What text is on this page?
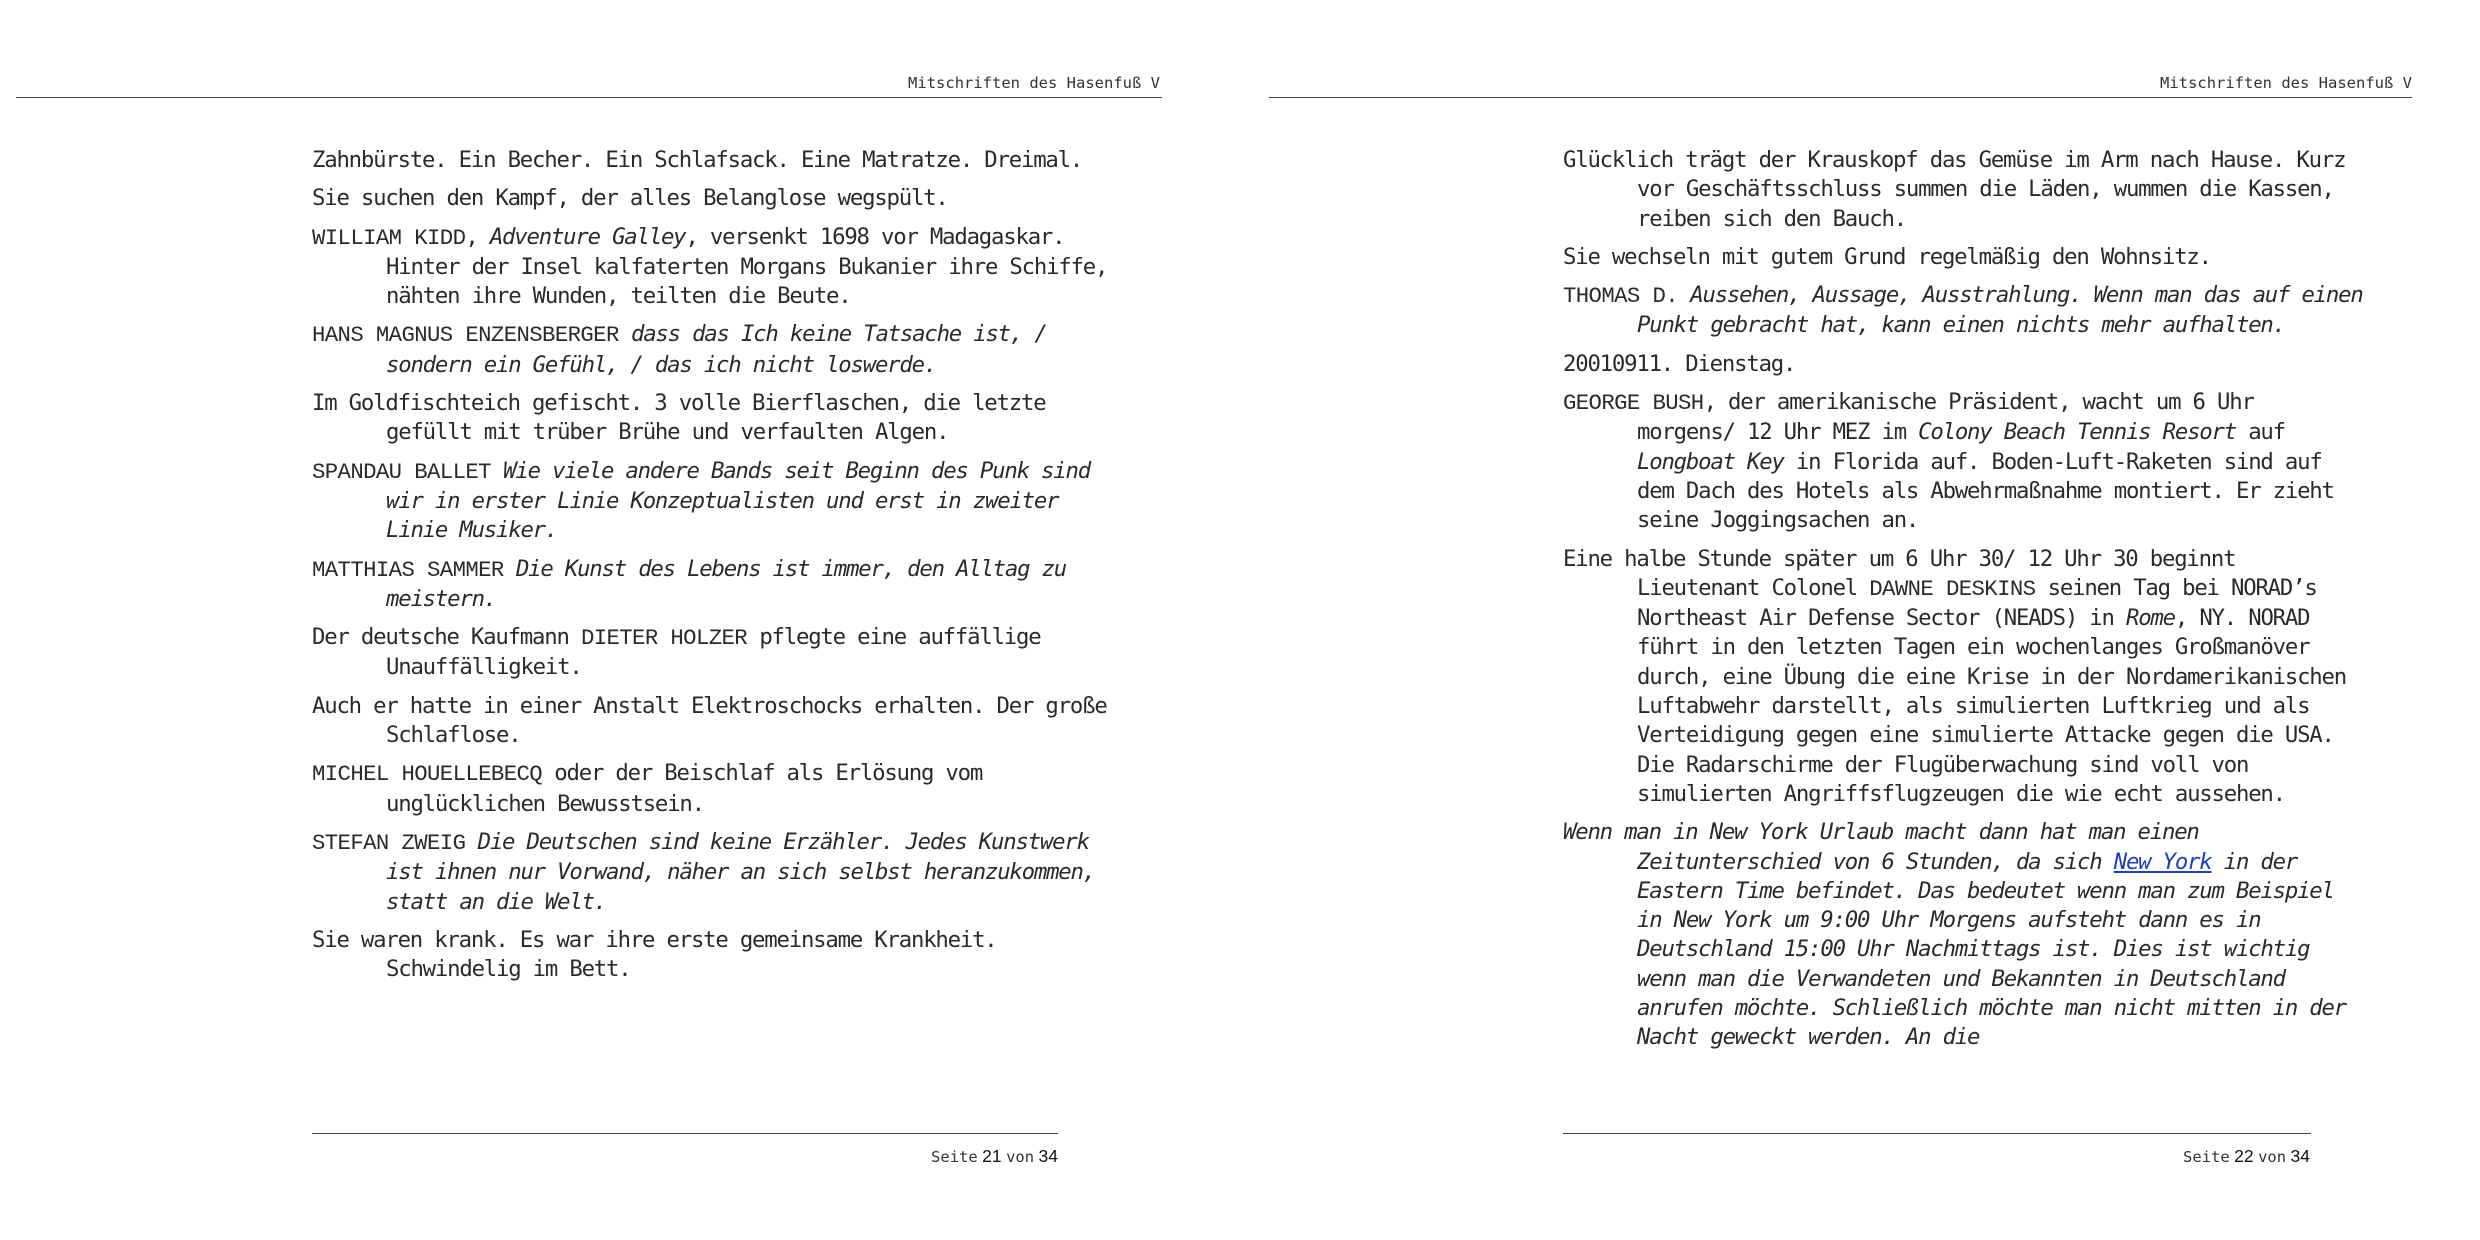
Mitschriften des Hasenfuß V

Zahnbürste. Ein Becher. Ein Schlafsack. Eine Matratze. Dreimal.

Sie suchen den Kampf, der alles Belanglose wegspült.

WILLIAM KIDD, Adventure Galley, versenkt 1698 vor Madagaskar. Hinter der Insel kalfaterten Morgans Bukanier ihre Schiffe, nähten ihre Wunden, teilten die Beute.

HANS MAGNUS ENZENSBERGER dass das Ich keine Tatsache ist, / sondern ein Gefühl, / das ich nicht loswerde.

Im Goldfischteich gefischt. 3 volle Bierflaschen, die letzte gefüllt mit trüber Brühe und verfaulten Algen.

SPANDAU BALLET Wie viele andere Bands seit Beginn des Punk sind wir in erster Linie Konzeptualisten und erst in zweiter Linie Musiker.

MATTHIAS SAMMER Die Kunst des Lebens ist immer, den Alltag zu meistern.

Der deutsche Kaufmann DIETER HOLZER pflegte eine auffällige Unauffälligkeit.

Auch er hatte in einer Anstalt Elektroschocks erhalten. Der große Schlaflose.

MICHEL HOUELLEBECQ oder der Beischlaf als Erlösung vom unglücklichen Bewusstsein.

STEFAN ZWEIG Die Deutschen sind keine Erzähler. Jedes Kunstwerk ist ihnen nur Vorwand, näher an sich selbst heranzukommen, statt an die Welt.

Sie waren krank. Es war ihre erste gemeinsame Krankheit. Schwindelig im Bett.

Seite 21 von 34
Mitschriften des Hasenfuß V

Glücklich trägt der Krauskopf das Gemüse im Arm nach Hause. Kurz vor Geschäftsschluss summen die Läden, wummen die Kassen, reiben sich den Bauch.

Sie wechseln mit gutem Grund regelmäßig den Wohnsitz.

THOMAS D. Aussehen, Aussage, Ausstrahlung. Wenn man das auf einen Punkt gebracht hat, kann einen nichts mehr aufhalten.

20010911. Dienstag.

GEORGE BUSH, der amerikanische Präsident, wacht um 6 Uhr morgens/ 12 Uhr MEZ im Colony Beach Tennis Resort auf Longboat Key in Florida auf. Boden-Luft-Raketen sind auf dem Dach des Hotels als Abwehrmaßnahme montiert. Er zieht seine Joggingsachen an.

Eine halbe Stunde später um 6 Uhr 30/ 12 Uhr 30 beginnt Lieutenant Colonel DAWNE DESKINS seinen Tag bei NORAD’s Northeast Air Defense Sector (NEADS) in Rome, NY. NORAD führt in den letzten Tagen ein wochenlanges Großmanöver durch, eine Übung die eine Krise in der Nordamerikanischen Luftabwehr darstellt, als simulierten Luftkrieg und als Verteidigung gegen eine simulierte Attacke gegen die USA. Die Radarschirme der Flugüberwachung sind voll von simulierten Angriffsflugzeugen die wie echt aussehen.

Wenn man in New York Urlaub macht dann hat man einen Zeitunterschied von 6 Stunden, da sich New York in der Eastern Time befindet. Das bedeutet wenn man zum Beispiel in New York um 9:00 Uhr Morgens aufsteht dann es in Deutschland 15:00 Uhr Nachmittags ist. Dies ist wichtig wenn man die Verwandeten und Bekannten in Deutschland anrufen möchte. Schließlich möchte man nicht mitten in der Nacht geweckt werden. An die

Seite 22 von 34
